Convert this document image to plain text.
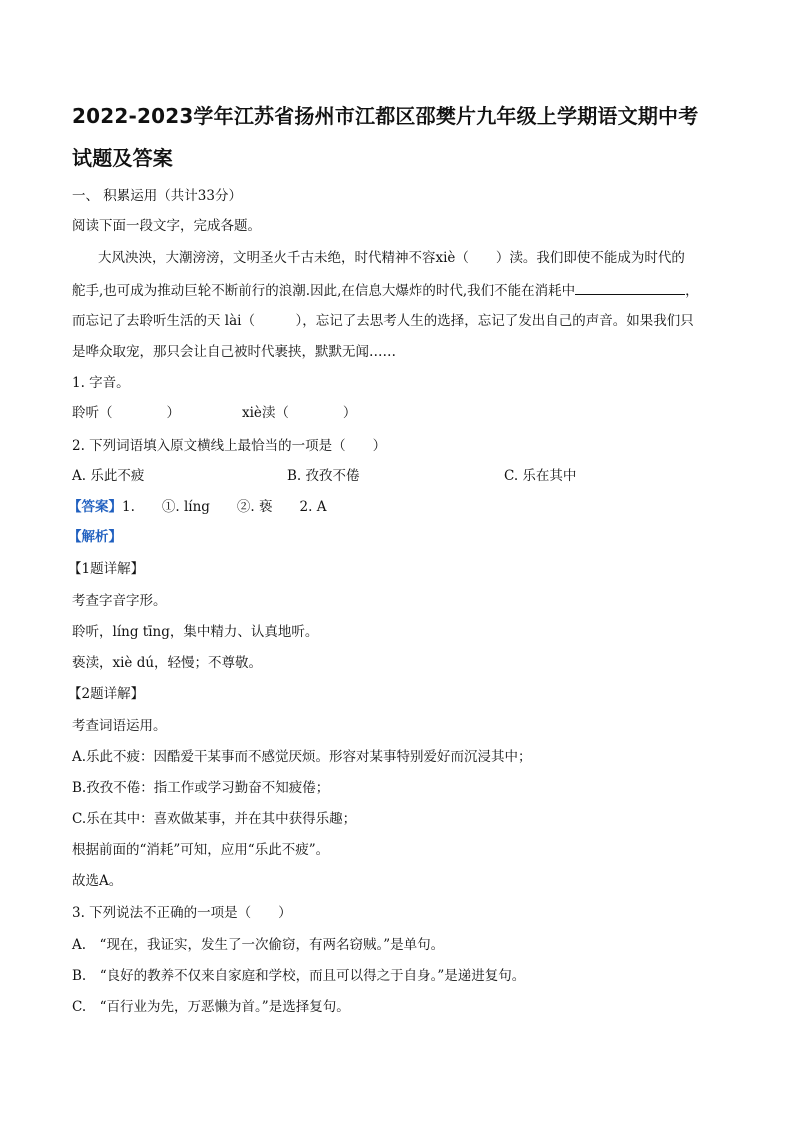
2022-2023学年江苏省扬州市江都区邵樊片九年级上学期语文期中考
试题及答案
一、 积累运用（共计33分）
阅读下面一段文字，完成各题。
大风泱泱，大潮滂滂，文明圣火千古未绝，时代精神不容xiè（　　）渎。我们即使不能成为时代的
舵手,也可成为推动巨轮不断前行的浪潮.因此,在信息大爆炸的时代,我们不能在消耗中	，
而忘记了去聆听生活的天 lài（　　　），忘记了去思考人生的选择，忘记了发出自己的声音。如果我们只
是哗众取宠，那只会让自己被时代裹挟，默默无闻……
1. 字音。
聆听（　　　　）	xiè渎（　　　　）
2. 下列词语填入原文横线上最恰当的一项是（　　）
A. 乐此不疲	B. 孜孜不倦	C. 乐在其中
【答案】1.　　①. líng　　②. 亵　　2. A
【解析】
【1题详解】
考查字音字形。
聆听，líng tīng，集中精力、认真地听。
亵渎，xiè dú，轻慢；不尊敬。
【2题详解】
考查词语运用。
A.乐此不疲：因酷爱干某事而不感觉厌烦。形容对某事特别爱好而沉浸其中；
B.孜孜不倦：指工作或学习勤奋不知疲倦；
C.乐在其中：喜欢做某事，并在其中获得乐趣；
根据前面的“消耗”可知，应用“乐此不疲”。
故选A。
3. 下列说法不正确的一项是（　　）
A.　“现在，我证实，发生了一次偷窃，有两名窃贼。”是单句。
B.　“良好的教养不仅来自家庭和学校，而且可以得之于自身。”是递进复句。
C.　“百行业为先，万恶懒为首。”是选择复句。
